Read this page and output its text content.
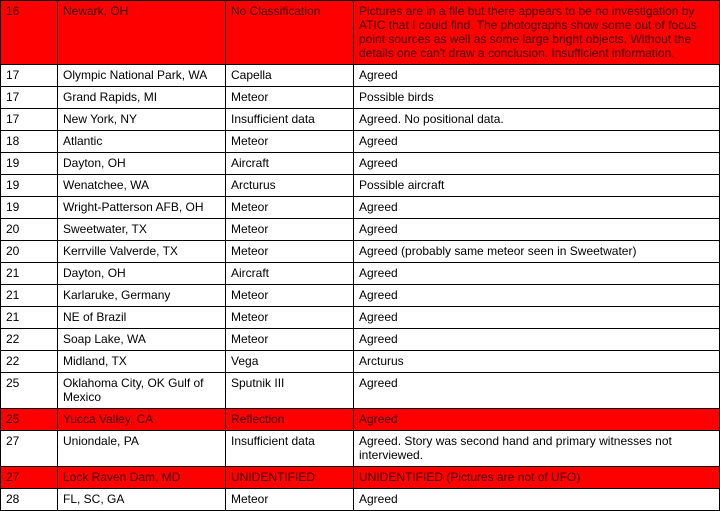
16	Newark, OH	No Classification	Pictures are in a file but there appears to be no investigation by ATIC that I could find. The photographs show some out of focus point sources as well as some large bright objects. Without the details one can't draw a conclusion. Insufficient information.
17	Olympic National Park, WA	Capella	Agreed
17	Grand Rapids, MI	Meteor	Possible birds
17	New York, NY	Insufficient data	Agreed. No positional data.
18	Atlantic	Meteor	Agreed
19	Dayton, OH	Aircraft	Agreed
19	Wenatchee, WA	Arcturus	Possible aircraft
19	Wright-Patterson AFB, OH	Meteor	Agreed
20	Sweetwater, TX	Meteor	Agreed
20	Kerrville Valverde, TX	Meteor	Agreed (probably same meteor seen in Sweetwater)
21	Dayton, OH	Aircraft	Agreed
21	Karlaruke, Germany	Meteor	Agreed
21	NE of Brazil	Meteor	Agreed
22	Soap Lake, WA	Meteor	Agreed
22	Midland, TX	Vega	Arcturus
25	Oklahoma City, OK Gulf of Mexico	Sputnik III	Agreed
25	Yucca Valley, CA	Reflection	Agreed
27	Uniondale, PA	Insufficient data	Agreed. Story was second hand and primary witnesses not interviewed.
27	Lock Raven Dam, MD	UNIDENTIFIED	UNIDENTIFIED (Pictures are not of UFO)
28	FL, SC, GA	Meteor	Agreed
